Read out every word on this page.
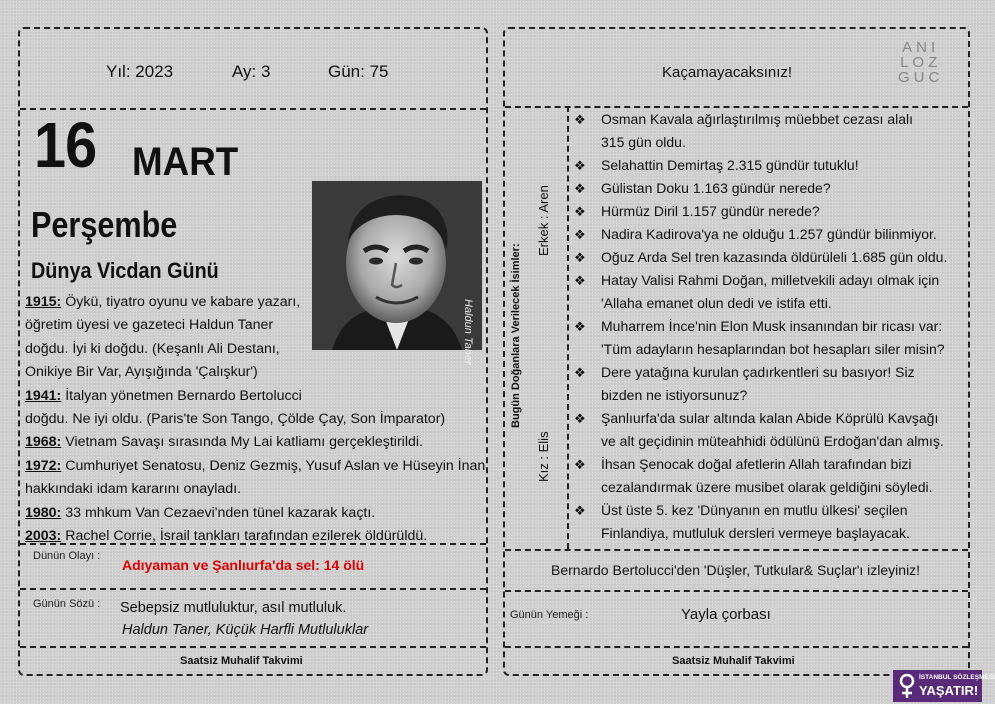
Yıl: 2023	Ay: 3	Gün: 75
16 MART
Perşembe
Dünya Vicdan Günü
Haldun Taner

1915: Öykü, tiyatro oyunu ve kabare yazarı,

öğretim üyesi ve gazeteci Haldun Taner

doğdu. İyi ki doğdu. (Keşanlı Ali Destanı,

Onikiye Bir Var, Ayışığında 'Çalışkur')

1941: İtalyan yönetmen Bernardo Bertolucci

doğdu. Ne iyi oldu. (Paris'te Son Tango, Çölde Çay, Son İmparator)

1968: Vietnam Savaşı sırasında My Lai katliamı gerçekleştirildi.

1972: Cumhuriyet Senatosu, Deniz Gezmiş, Yusuf Aslan ve Hüseyin İnan

hakkındaki idam kararını onayladı.

1980: 33 mhkum Van Cezaevi'nden tünel kazarak kaçtı.

2003: Rachel Corrie, İsrail tankları tarafından ezilerek öldürüldü.

Dünün Olayı :
Adıyaman ve Şanlıurfa'da sel: 14 ölü
Günün Sözü : Sebepsiz mutluluktur, asıl mutluluk.
Haldun Taner, Küçük Harfli Mutluluklar
Saatsiz Muhalif Takvimi
Kaçamayacaksınız!
ANI
LOZ
GUC
Bugün Doğanlara Verilecek İsimler:
Erkek : Aren
Kız : Elis
❖ Osman Kavala ağırlaştırılmış müebbet cezası alalı
315 gün oldu.
❖ Selahattin Demirtaş 2.315 gündür tutuklu!
❖ Gülistan Doku 1.163 gündür nerede?
❖ Hürmüz Diril 1.157 gündür nerede?
❖ Nadira Kadirova'ya ne olduğu 1.257 gündür bilinmiyor.
❖ Oğuz Arda Sel tren kazasında öldürüleli 1.685 gün oldu.
❖ Hatay Valisi Rahmi Doğan, milletvekili adayı olmak için
'Allaha emanet olun dedi ve istifa etti.
❖ Muharrem İnce'nin Elon Musk insanından bir ricası var:
'Tüm adayların hesaplarından bot hesapları siler misin?
❖ Dere yatağına kurulan çadırkentleri su basıyor! Siz
bizden ne istiyorsunuz?
❖ Şanlıurfa'da sular altında kalan Abide Köprülü Kavşağı
ve alt geçidinin müteahhidi ödülünü Erdoğan'dan almış.
❖ İhsan Şenocak doğal afetlerin Allah tarafından bizi
cezalandırmak üzere musibet olarak geldiğini söyledi.
❖ Üst üste 5. kez 'Dünyanın en mutlu ülkesi' seçilen
Finlandiya, mutluluk dersleri vermeye başlayacak.
Bernardo Bertolucci'den 'Düşler, Tutkular& Suçlar'ı izleyiniz!
Günün Yemeği :	Yayla çorbası
Saatsiz Muhalif Takvimi
İSTANBUL SÖZLEŞMESİ
YAŞATIR!
